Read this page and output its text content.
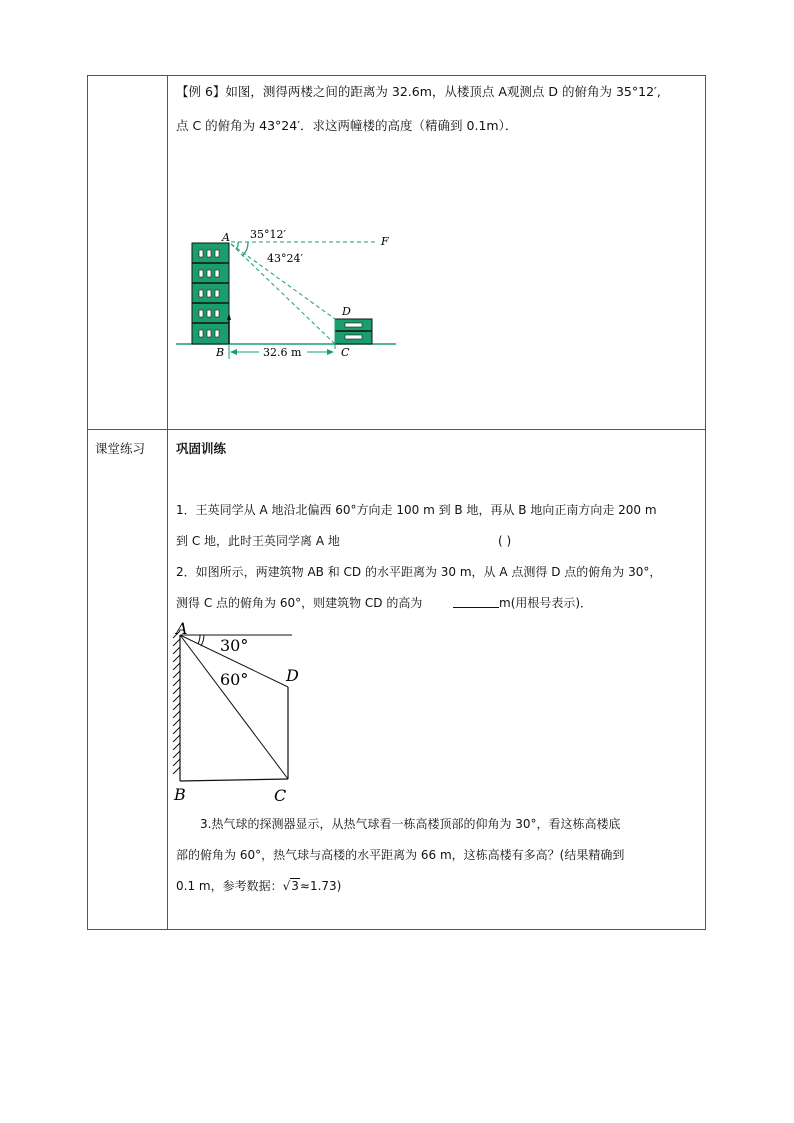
【例 6】如图，测得两楼之间的距离为 32.6m，从楼顶点 A观测点 D 的俯角为 35°12′,
点 C 的俯角为 43°24′．求这两幢楼的高度（精确到 0.1m）．
A	F
D
B	C
35°12′
43°24′
32.6 m
课堂练习 巩固训练
1．王英同学从 A 地沿北偏西 60°方向走 100 m 到 B 地，再从 B 地向正南方向走 200 m
到 C 地，此时王英同学离 A 地	( )
2．如图所示，两建筑物 AB 和 CD 的水平距离为 30 m，从 A 点测得 D 点的俯角为 30°，
测得 C 点的俯角为 60°，则建筑物 CD 的高为	m(用根号表示)．
A
D
B	C
30°
60°
3.热气球的探测器显示，从热气球看一栋高楼顶部的仰角为 30°，看这栋高楼底
部的俯角为 60°，热气球与高楼的水平距离为 66 m，这栋高楼有多高？(结果精确到
0.1 m，参考数据：√3≈1.73)
